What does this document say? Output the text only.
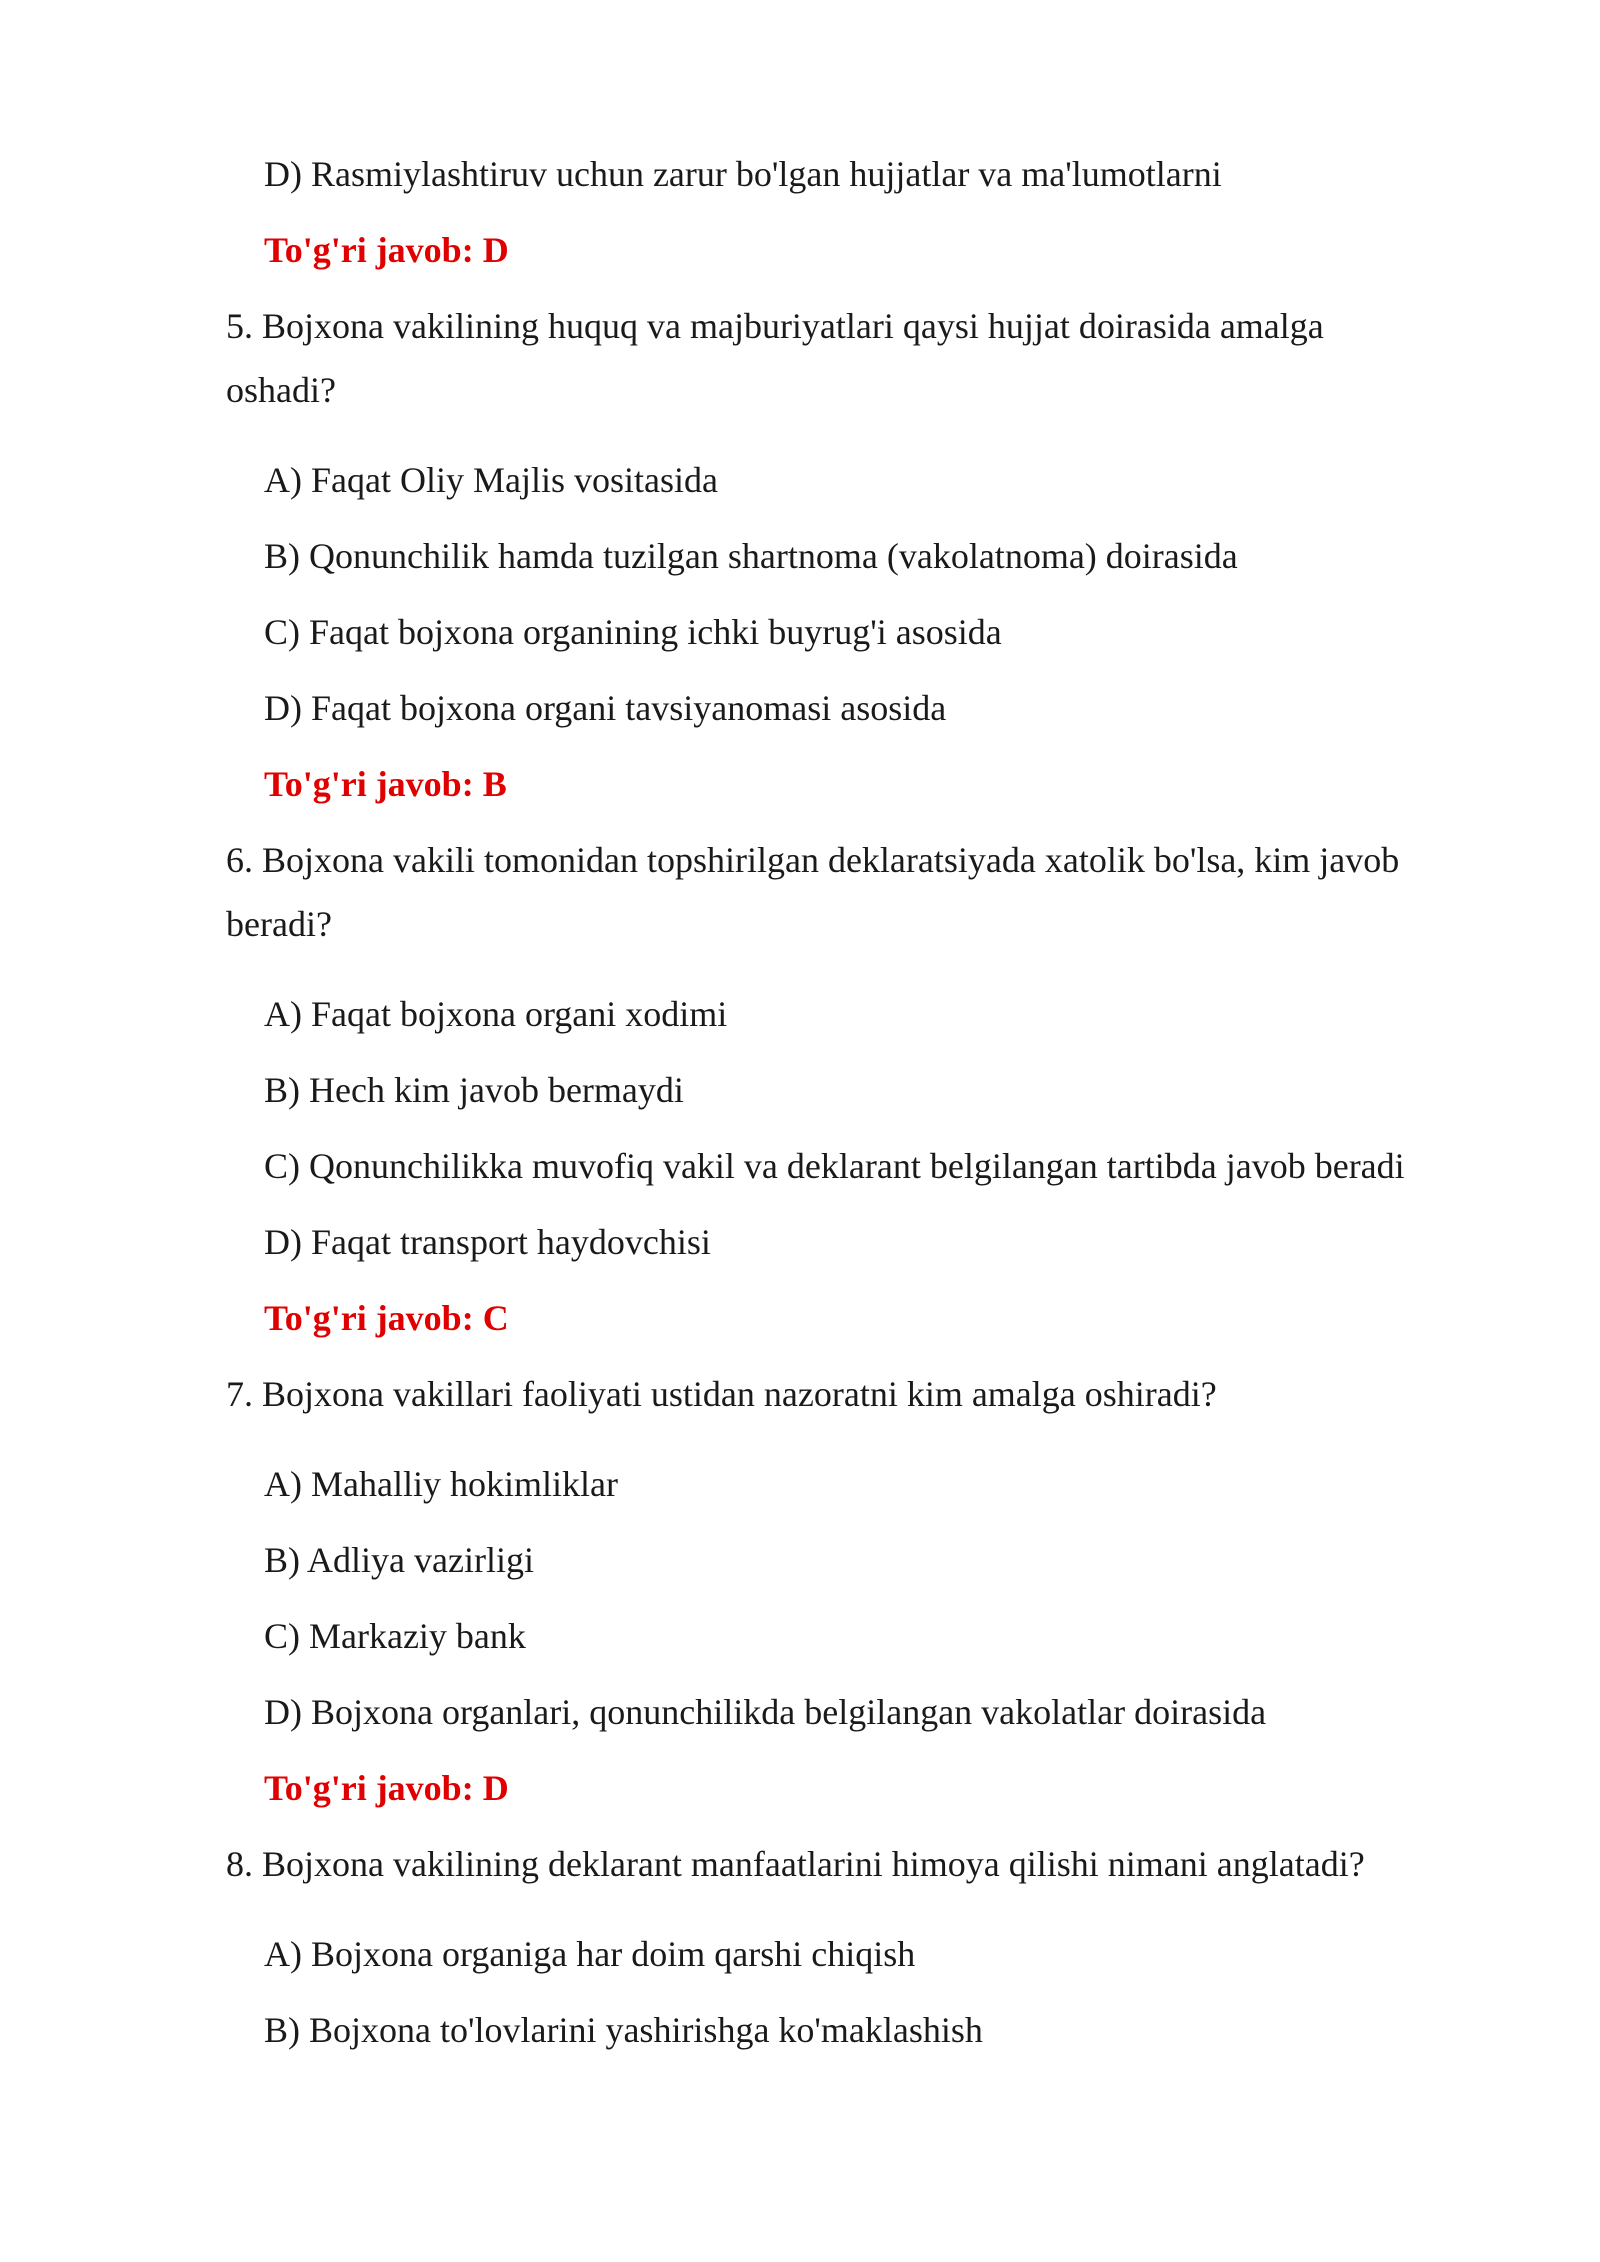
D) Rasmiylashtiruv uchun zarur bo'lgan hujjatlar va ma'lumotlarni

To'g'ri javob: D

5. Bojxona vakilining huquq va majburiyatlari qaysi hujjat doirasida amalga

oshadi?

A) Faqat Oliy Majlis vositasida

B) Qonunchilik hamda tuzilgan shartnoma (vakolatnoma) doirasida

C) Faqat bojxona organining ichki buyrug'i asosida

D) Faqat bojxona organi tavsiyanomasi asosida

To'g'ri javob: B

6. Bojxona vakili tomonidan topshirilgan deklaratsiyada xatolik bo'lsa, kim javob

beradi?

A) Faqat bojxona organi xodimi

B) Hech kim javob bermaydi

C) Qonunchilikka muvofiq vakil va deklarant belgilangan tartibda javob beradi

D) Faqat transport haydovchisi

To'g'ri javob: C

7. Bojxona vakillari faoliyati ustidan nazoratni kim amalga oshiradi?

A) Mahalliy hokimliklar

B) Adliya vazirligi

C) Markaziy bank

D) Bojxona organlari, qonunchilikda belgilangan vakolatlar doirasida

To'g'ri javob: D

8. Bojxona vakilining deklarant manfaatlarini himoya qilishi nimani anglatadi?

A) Bojxona organiga har doim qarshi chiqish

B) Bojxona to'lovlarini yashirishga ko'maklashish
